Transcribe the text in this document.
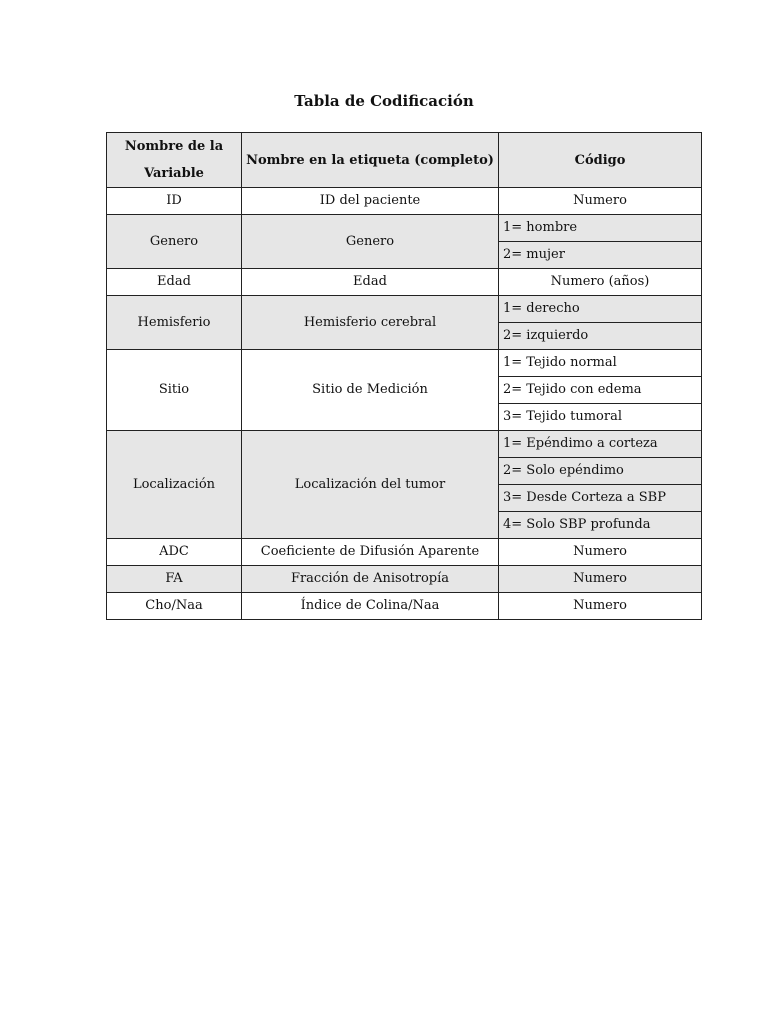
Tabla de Codificación
Nombre de la Variable	Nombre en la etiqueta (completo)	Código
ID	ID del paciente	Numero
Genero	Genero	1= hombre
		2= mujer
Edad	Edad	Numero (años)
Hemisferio	Hemisferio cerebral	1= derecho
		2= izquierdo
Sitio	Sitio de Medición	1= Tejido normal
		2= Tejido con edema
		3= Tejido tumoral
Localización	Localización del tumor	1= Epéndimo a corteza
		2= Solo epéndimo
		3= Desde Corteza a SBP
		4= Solo SBP profunda
ADC	Coeficiente de Difusión Aparente	Numero
FA	Fracción de Anisotropía	Numero
Cho/Naa	Índice de Colina/Naa	Numero
